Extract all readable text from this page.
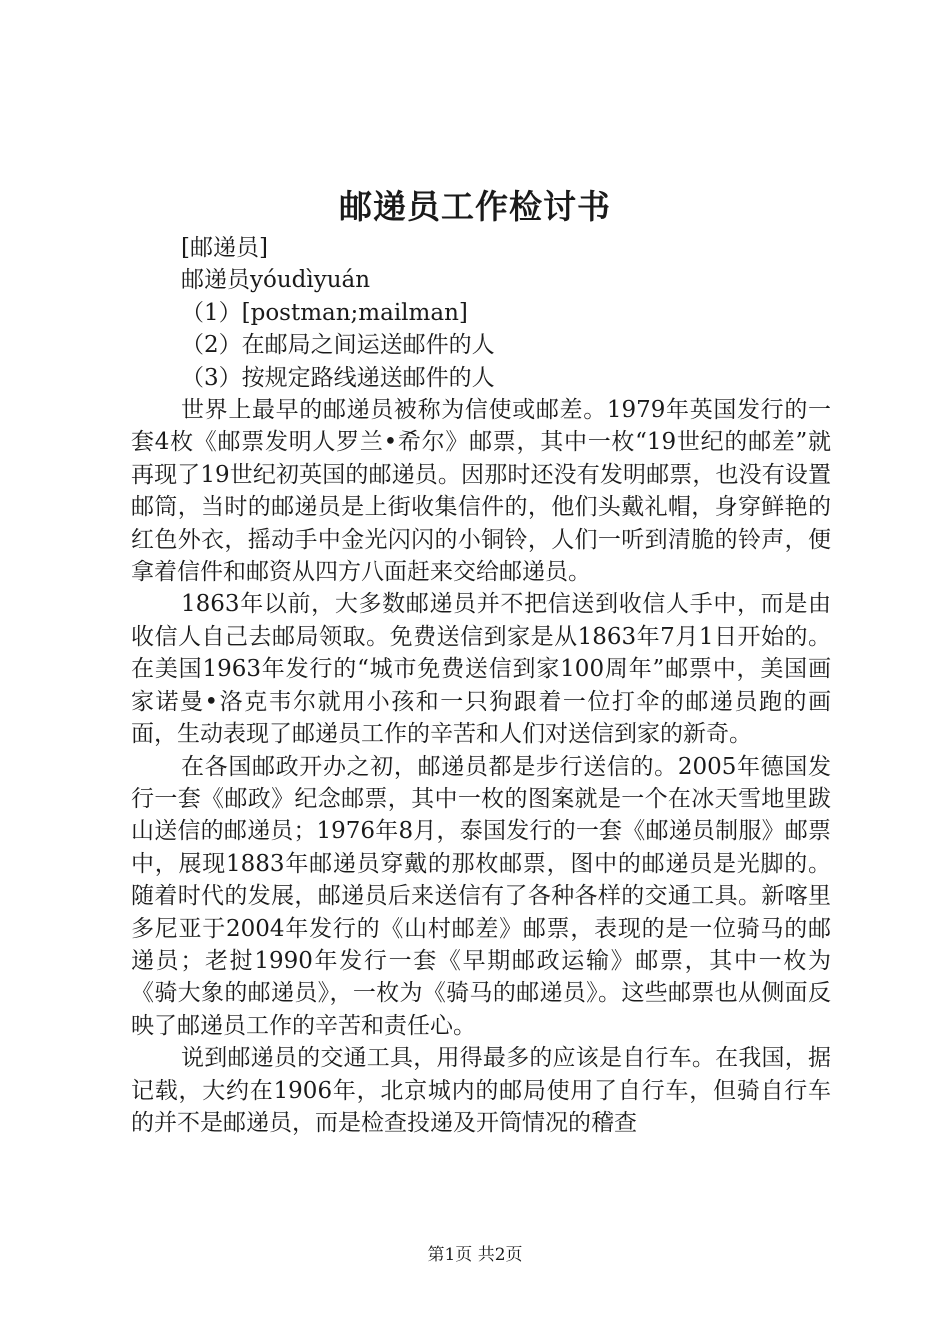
邮递员工作检讨书

[邮递员]

邮递员yóudìyuán

（1）[postman;mailman]

（2）在邮局之间运送邮件的人

（3）按规定路线递送邮件的人

世界上最早的邮递员被称为信使或邮差。1979年英国发行的一套4枚《邮票发明人罗兰•希尔》邮票，其中一枚“19世纪的邮差”就再现了19世纪初英国的邮递员。因那时还没有发明邮票，也没有设置邮筒，当时的邮递员是上街收集信件的，他们头戴礼帽，身穿鲜艳的红色外衣，摇动手中金光闪闪的小铜铃，人们一听到清脆的铃声，便拿着信件和邮资从四方八面赶来交给邮递员。

1863年以前，大多数邮递员并不把信送到收信人手中，而是由收信人自己去邮局领取。免费送信到家是从1863年7月1日开始的。在美国1963年发行的“城市免费送信到家100周年”邮票中，美国画家诺曼•洛克韦尔就用小孩和一只狗跟着一位打伞的邮递员跑的画面，生动表现了邮递员工作的辛苦和人们对送信到家的新奇。

在各国邮政开办之初，邮递员都是步行送信的。2005年德国发行一套《邮政》纪念邮票，其中一枚的图案就是一个在冰天雪地里跋山送信的邮递员；1976年8月，泰国发行的一套《邮递员制服》邮票中，展现1883年邮递员穿戴的那枚邮票，图中的邮递员是光脚的。随着时代的发展，邮递员后来送信有了各种各样的交通工具。新喀里多尼亚于2004年发行的《山村邮差》邮票，表现的是一位骑马的邮递员；老挝1990年发行一套《早期邮政运输》邮票，其中一枚为《骑大象的邮递员》，一枚为《骑马的邮递员》。这些邮票也从侧面反映了邮递员工作的辛苦和责任心。

说到邮递员的交通工具，用得最多的应该是自行车。在我国，据记载，大约在1906年，北京城内的邮局使用了自行车，但骑自行车的并不是邮递员，而是检查投递及开筒情况的稽查

第1页 共2页
